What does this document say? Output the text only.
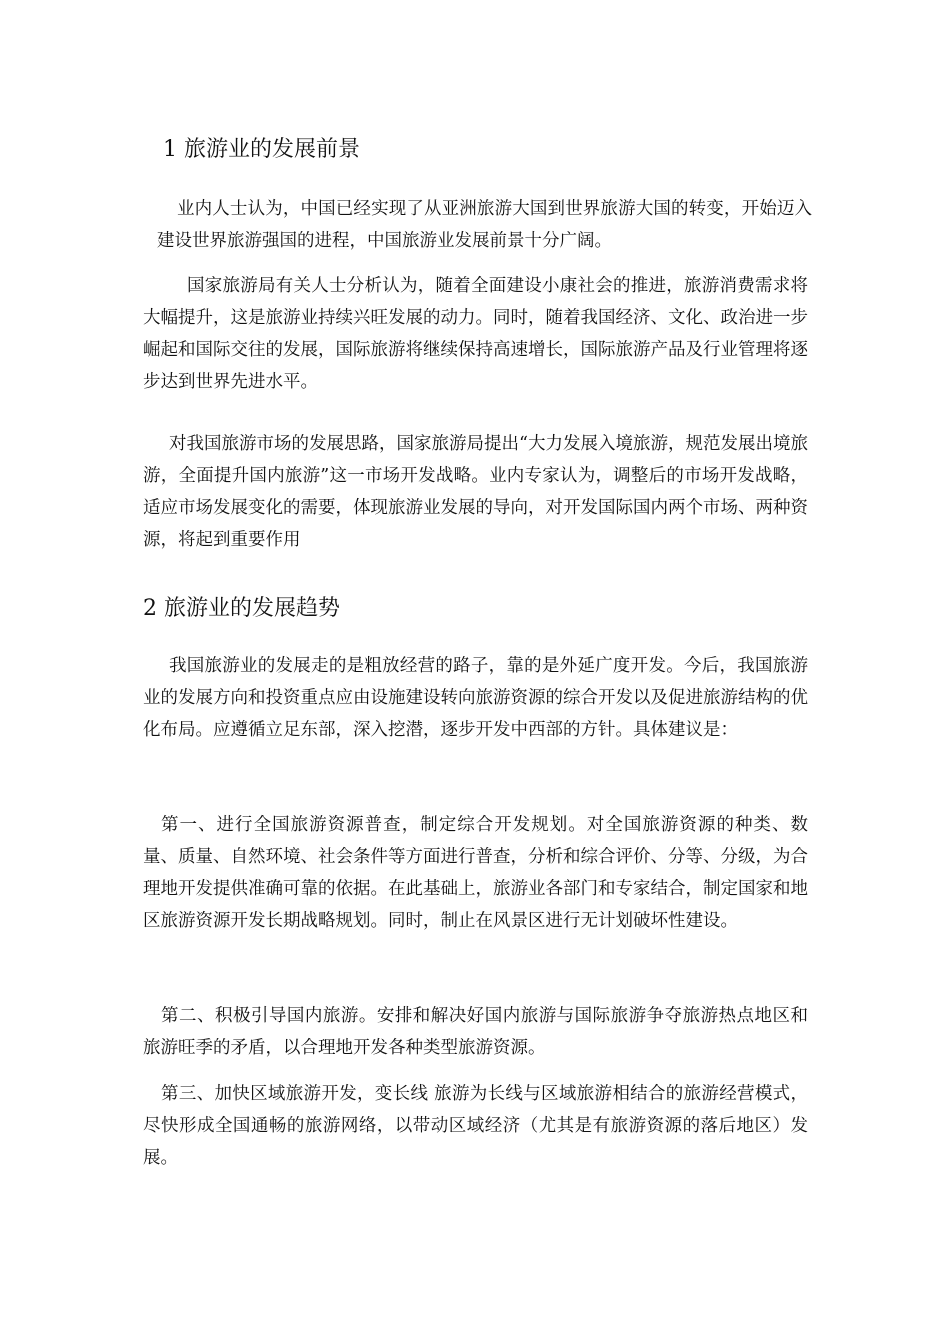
1 旅游业的发展前景

业内人士认为，中国已经实现了从亚洲旅游大国到世界旅游大国的转变，开始迈入建设世界旅游强国的进程，中国旅游业发展前景十分广阔。

国家旅游局有关人士分析认为，随着全面建设小康社会的推进，旅游消费需求将大幅提升，这是旅游业持续兴旺发展的动力。同时，随着我国经济、文化、政治进一步崛起和国际交往的发展，国际旅游将继续保持高速增长，国际旅游产品及行业管理将逐步达到世界先进水平。

对我国旅游市场的发展思路，国家旅游局提出“大力发展入境旅游，规范发展出境旅游，全面提升国内旅游”这一市场开发战略。业内专家认为，调整后的市场开发战略，适应市场发展变化的需要，体现旅游业发展的导向，对开发国际国内两个市场、两种资源，将起到重要作用

2 旅游业的发展趋势

我国旅游业的发展走的是粗放经营的路子，靠的是外延广度开发。今后，我国旅游业的发展方向和投资重点应由设施建设转向旅游资源的综合开发以及促进旅游结构的优化布局。应遵循立足东部，深入挖潜，逐步开发中西部的方针。具体建议是：

第一、进行全国旅游资源普查，制定综合开发规划。对全国旅游资源的种类、数量、质量、自然环境、社会条件等方面进行普查，分析和综合评价、分等、分级，为合理地开发提供准确可靠的依据。在此基础上，旅游业各部门和专家结合，制定国家和地区旅游资源开发长期战略规划。同时，制止在风景区进行无计划破坏性建设。

第二、积极引导国内旅游。安排和解决好国内旅游与国际旅游争夺旅游热点地区和旅游旺季的矛盾，以合理地开发各种类型旅游资源。

第三、加快区域旅游开发，变长线 旅游为长线与区域旅游相结合的旅游经营模式，尽快形成全国通畅的旅游网络，以带动区域经济（尤其是有旅游资源的落后地区）发展。
